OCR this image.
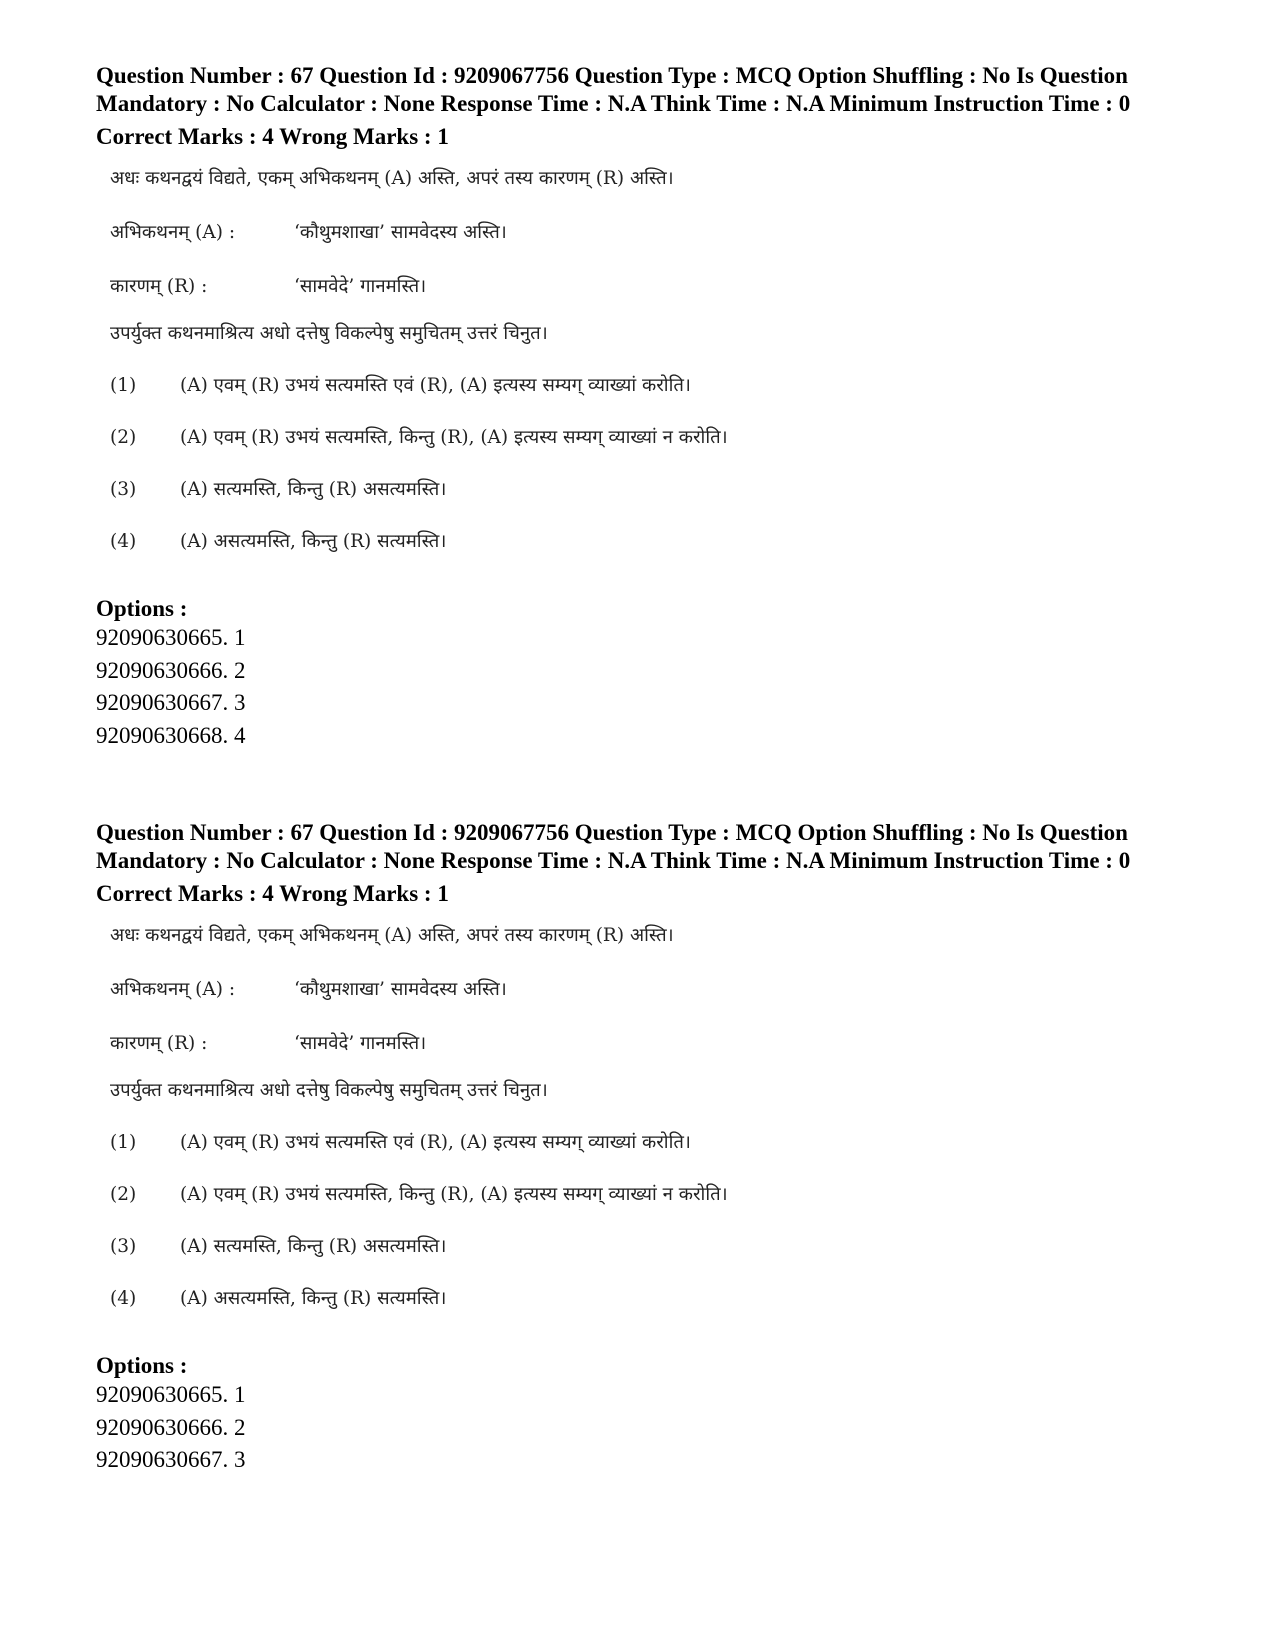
Question Number : 67 Question Id : 9209067756 Question Type : MCQ Option Shuffling : No Is Question Mandatory : No Calculator : None Response Time : N.A Think Time : N.A Minimum Instruction Time : 0

Correct Marks : 4 Wrong Marks : 1
अधः कथनद्वयं विद्यते, एकम् अभिकथनम् (A) अस्ति, अपरं तस्य कारणम् (R) अस्ति।
अभिकथनम् (A) :	‘कौथुमशाखा’ सामवेदस्य अस्ति।
कारणम् (R) :	‘सामवेदे’ गानमस्ति।
उपर्युक्त कथनमाश्रित्य अधो दत्तेषु विकल्पेषु समुचितम् उत्तरं चिनुत।
(1)	(A) एवम् (R) उभयं सत्यमस्ति एवं (R), (A) इत्यस्य सम्यग् व्याख्यां करोति।
(2)	(A) एवम् (R) उभयं सत्यमस्ति, किन्तु (R), (A) इत्यस्य सम्यग् व्याख्यां न करोति।
(3)	(A) सत्यमस्ति, किन्तु (R) असत्यमस्ति।
(4)	(A) असत्यमस्ति, किन्तु (R) सत्यमस्ति।
Options :
92090630665. 1
92090630666. 2
92090630667. 3
92090630668. 4

Question Number : 67 Question Id : 9209067756 Question Type : MCQ Option Shuffling : No Is Question Mandatory : No Calculator : None Response Time : N.A Think Time : N.A Minimum Instruction Time : 0

Correct Marks : 4 Wrong Marks : 1
अधः कथनद्वयं विद्यते, एकम् अभिकथनम् (A) अस्ति, अपरं तस्य कारणम् (R) अस्ति।
अभिकथनम् (A) :	‘कौथुमशाखा’ सामवेदस्य अस्ति।
कारणम् (R) :	‘सामवेदे’ गानमस्ति।
उपर्युक्त कथनमाश्रित्य अधो दत्तेषु विकल्पेषु समुचितम् उत्तरं चिनुत।
(1)	(A) एवम् (R) उभयं सत्यमस्ति एवं (R), (A) इत्यस्य सम्यग् व्याख्यां करोति।
(2)	(A) एवम् (R) उभयं सत्यमस्ति, किन्तु (R), (A) इत्यस्य सम्यग् व्याख्यां न करोति।
(3)	(A) सत्यमस्ति, किन्तु (R) असत्यमस्ति।
(4)	(A) असत्यमस्ति, किन्तु (R) सत्यमस्ति।
Options :
92090630665. 1
92090630666. 2
92090630667. 3
